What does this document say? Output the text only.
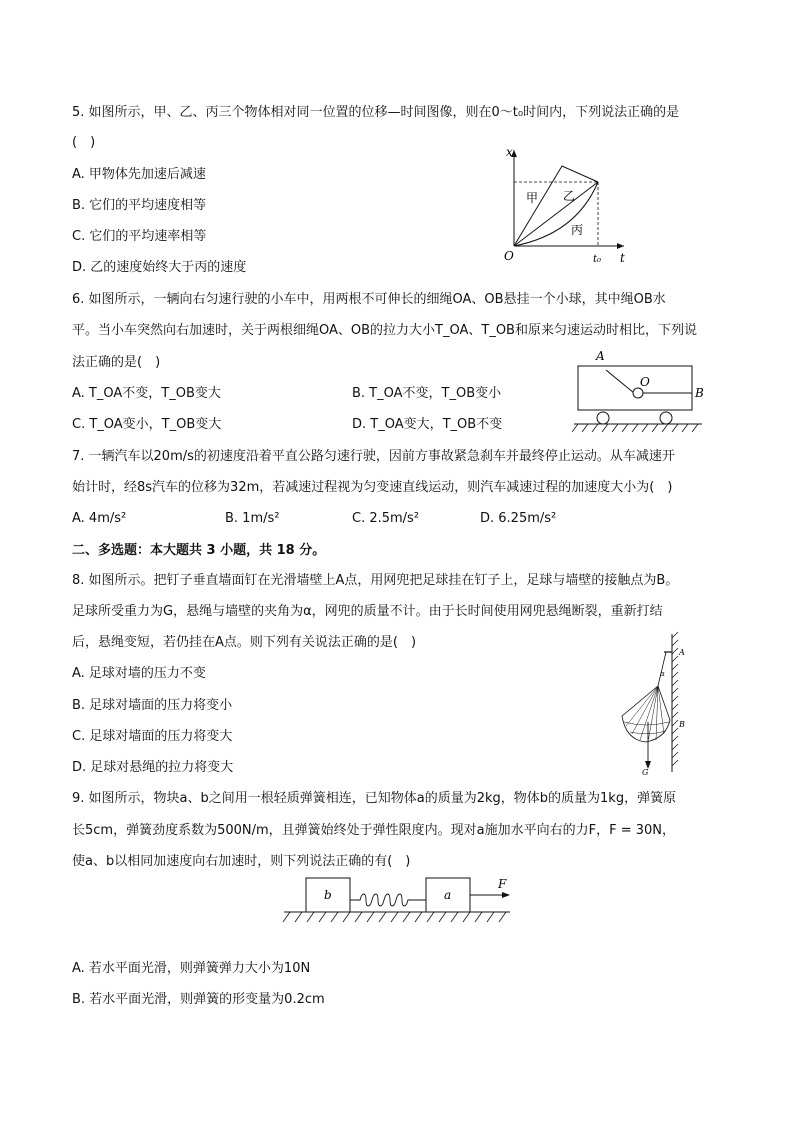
5. 如图所示，甲、乙、丙三个物体相对同一位置的位移—时间图像，则在0～t₀时间内，下列说法正确的是
(　)
A. 甲物体先加速后减速
B. 它们的平均速度相等
C. 它们的平均速率相等
D. 乙的速度始终大于丙的速度
x
t
O	t₀
甲 乙
丙
6. 如图所示，一辆向右匀速行驶的小车中，用两根不可伸长的细绳OA、OB悬挂一个小球，其中绳OB水
平。当小车突然向右加速时，关于两根细绳OA、OB的拉力大小T_OA、T_OB和原来匀速运动时相比，下列说
法正确的是(　)
A. T_OA不变，T_OB变大	B. T_OA不变，T_OB变小
C. T_OA变小，T_OB变大	D. T_OA变大，T_OB不变
A
O
B
7. 一辆汽车以20m/s的初速度沿着平直公路匀速行驶，因前方事故紧急刹车并最终停止运动。从车减速开
始计时，经8s汽车的位移为32m，若减速过程视为匀变速直线运动，则汽车减速过程的加速度大小为(　)
A. 4m/s²	B. 1m/s²	C. 2.5m/s²	D. 6.25m/s²
二、多选题：本大题共 3 小题，共 18 分。
8. 如图所示。把钉子垂直墙面钉在光滑墙壁上A点，用网兜把足球挂在钉子上，足球与墙壁的接触点为B。
足球所受重力为G，悬绳与墙壁的夹角为α，网兜的质量不计。由于长时间使用网兜悬绳断裂，重新打结
后，悬绳变短，若仍挂在A点。则下列有关说法正确的是(　)
A. 足球对墙的压力不变
B. 足球对墙面的压力将变小
C. 足球对墙面的压力将变大
D. 足球对悬绳的拉力将变大
A
α
B
G
9. 如图所示，物块a、b之间用一根轻质弹簧相连，已知物体a的质量为2kg，物体b的质量为1kg，弹簧原
长5cm，弹簧劲度系数为500N/m，且弹簧始终处于弹性限度内。现对a施加水平向右的力F，F = 30N，
使a、b以相同加速度向右加速时，则下列说法正确的有(　)
b	a
F
A. 若水平面光滑，则弹簧弹力大小为10N
B. 若水平面光滑，则弹簧的形变量为0.2cm
